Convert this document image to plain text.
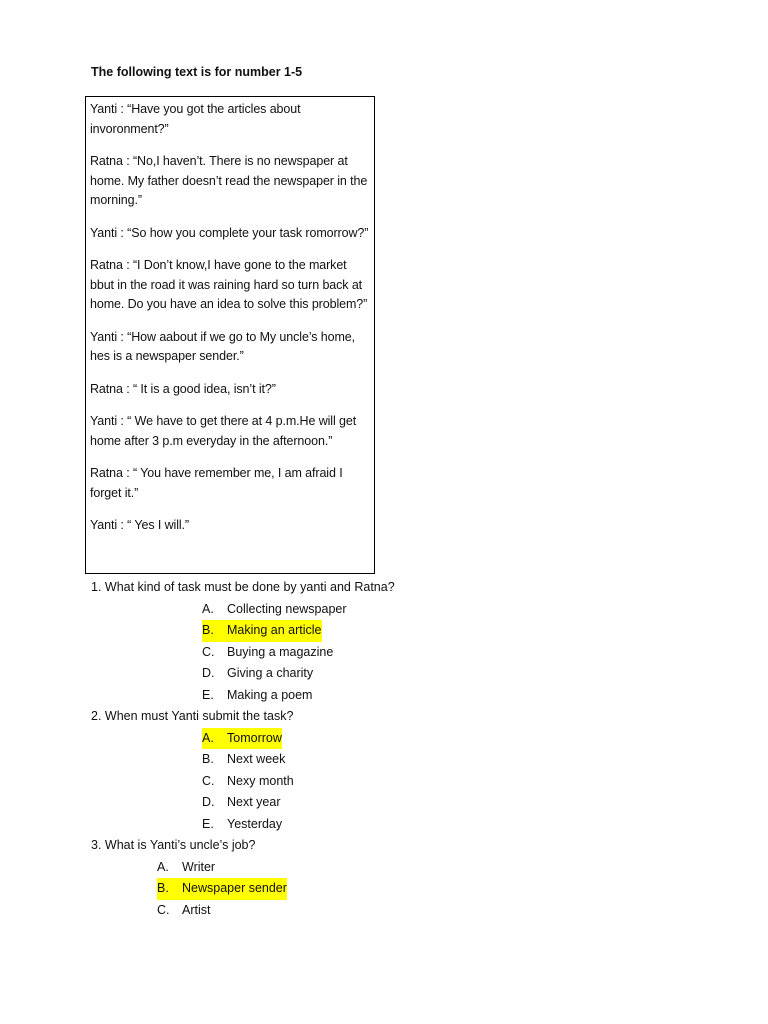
The following text is for number 1-5

Yanti : “Have you got the articles about invoronment?”

Ratna : “No,I haven’t. There is no newspaper at home. My father doesn’t read the newspaper in the morning.”

Yanti : “So how you complete your task romorrow?”

Ratna : “I Don’t know,I have gone to the market bbut in the road it was raining hard so turn back at home. Do you have an idea to solve this problem?”

Yanti : “How aabout if we go to My uncle’s home, hes is a newspaper sender.”

Ratna : “ It is a good idea, isn’t it?”

Yanti : “ We have to get there at 4 p.m.He will get home after 3 p.m everyday in the afternoon.”

Ratna : “ You have remember me, I am afraid I forget it.”

Yanti : “ Yes I will.”

1. What kind of task must be done by yanti and Ratna?
A. Collecting newspaper
B.	Making an article
C. Buying a magazine
D. Giving a charity
E. Making a poem
2. When must Yanti submit the task?
A.	Tomorrow
B. Next week
C. Nexy month
D. Next year
E. Yesterday
3. What is Yanti’s uncle’s job?
A. Writer
B.	Newspaper sender
C. Artist
